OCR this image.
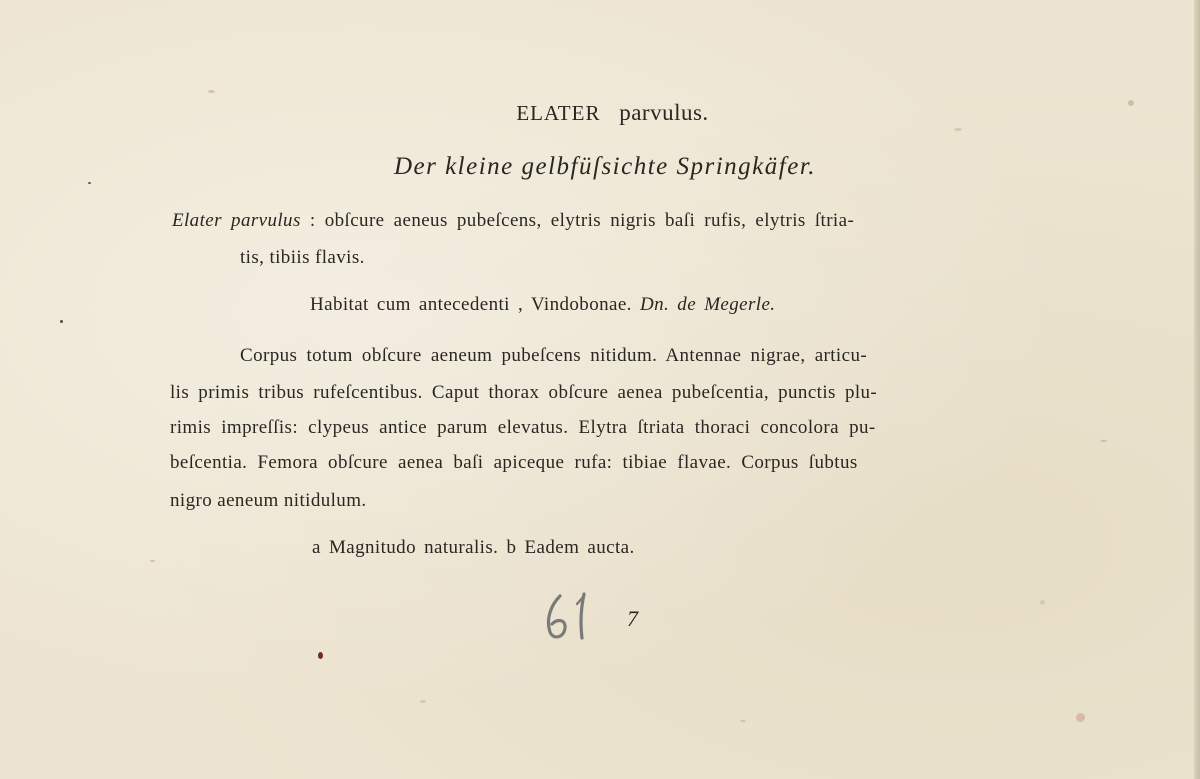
ELATER parvulus.
Der kleine gelbfüſsichte Springkäfer.
Elater parvulus : obſcure aeneus pubeſcens, elytris nigris baſi rufis, elytris ſtria-
tis, tibiis flavis.
Habitat cum antecedenti , Vindobonae. Dn. de Megerle.
Corpus totum obſcure aeneum pubeſcens nitidum. Antennae nigrae, articu-
lis primis tribus rufeſcentibus. Caput thorax obſcure aenea pubeſcentia, punctis plu-
rimis impreſſis: clypeus antice parum elevatus. Elytra ſtriata thoraci concolora pu-
beſcentia. Femora obſcure aenea baſi apiceque rufa: tibiae flavae. Corpus ſubtus
nigro aeneum nitidulum.
a Magnitudo naturalis. b Eadem aucta.
7
